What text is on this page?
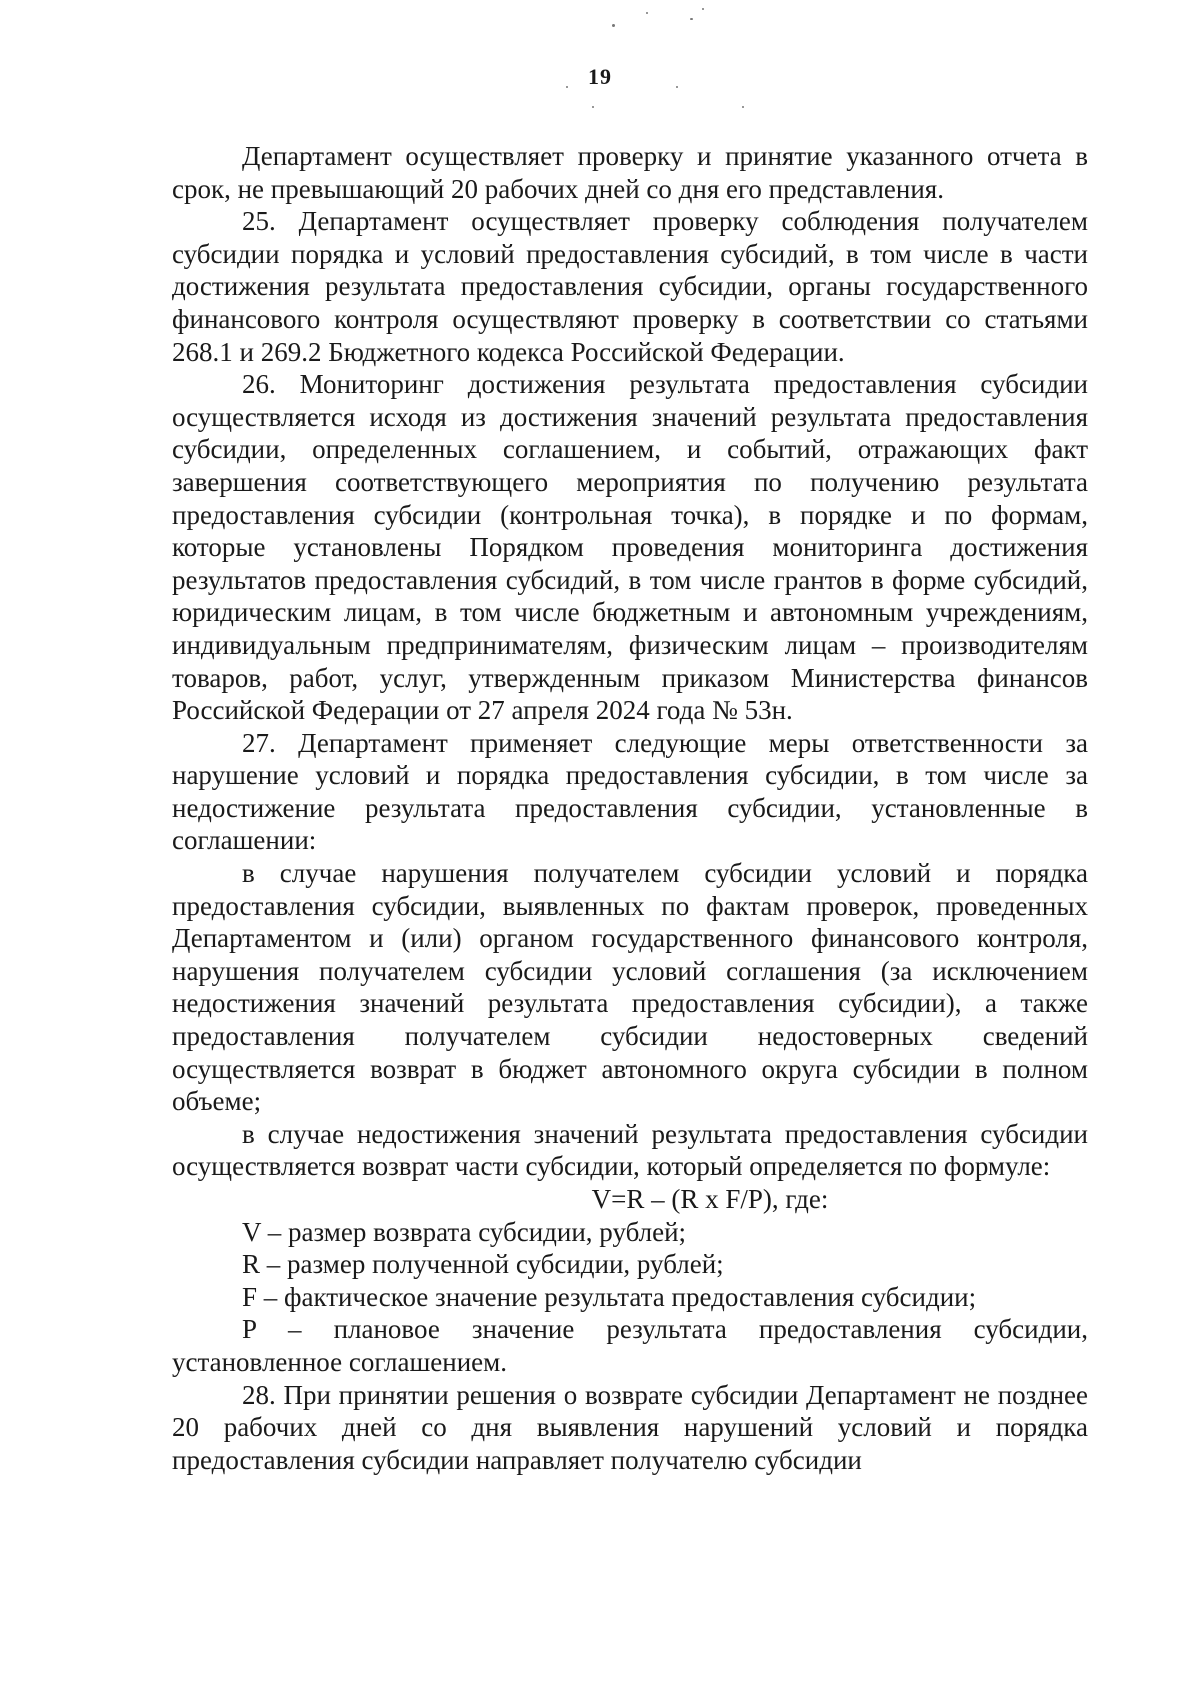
19

Департамент осуществляет проверку и принятие указанного отчета в срок, не превышающий 20 рабочих дней со дня его представления.

25. Департамент осуществляет проверку соблюдения получателем субсидии порядка и условий предоставления субсидий, в том числе в части достижения результата предоставления субсидии, органы государственного финансового контроля осуществляют проверку в соответствии со статьями 268.1 и 269.2 Бюджетного кодекса Российской Федерации.

26. Мониторинг достижения результата предоставления субсидии осуществляется исходя из достижения значений результата предоставления субсидии, определенных соглашением, и событий, отражающих факт завершения соответствующего мероприятия по получению результата предоставления субсидии (контрольная точка), в порядке и по формам, которые установлены Порядком проведения мониторинга достижения результатов предоставления субсидий, в том числе грантов в форме субсидий, юридическим лицам, в том числе бюджетным и автономным учреждениям, индивидуальным предпринимателям, физическим лицам – производителям товаров, работ, услуг, утвержденным приказом Министерства финансов Российской Федерации от 27 апреля 2024 года № 53н.

27. Департамент применяет следующие меры ответственности за нарушение условий и порядка предоставления субсидии, в том числе за недостижение результата предоставления субсидии, установленные в соглашении:

в случае нарушения получателем субсидии условий и порядка предоставления субсидии, выявленных по фактам проверок, проведенных Департаментом и (или) органом государственного финансового контроля, нарушения получателем субсидии условий соглашения (за исключением недостижения значений результата предоставления субсидии), а также предоставления получателем субсидии недостоверных сведений осуществляется возврат в бюджет автономного округа субсидии в полном объеме;

в случае недостижения значений результата предоставления субсидии осуществляется возврат части субсидии, который определяется по формуле:

V=R – (R x F/P), где:

V – размер возврата субсидии, рублей;

R – размер полученной субсидии, рублей;

F – фактическое значение результата предоставления субсидии;

P – плановое значение результата предоставления субсидии, установленное соглашением.

28. При принятии решения о возврате субсидии Департамент не позднее 20 рабочих дней со дня выявления нарушений условий и порядка предоставления субсидии направляет получателю субсидии
